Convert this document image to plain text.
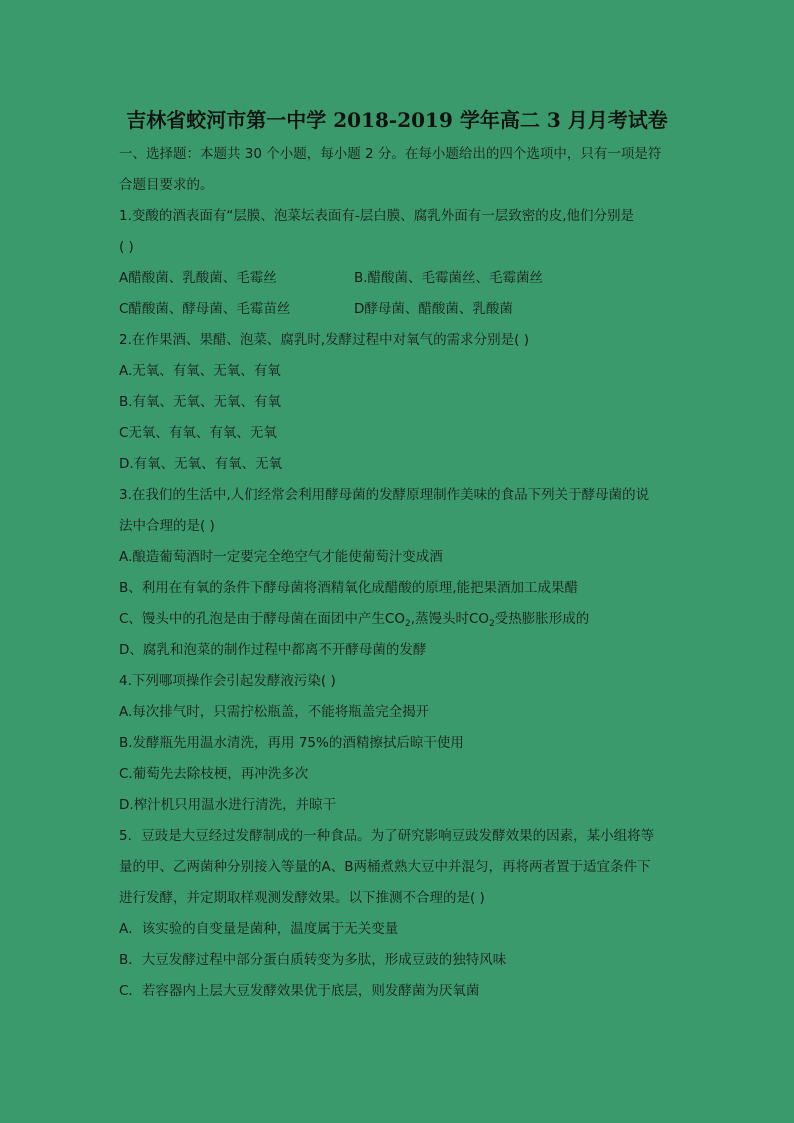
吉林省蛟河市第一中学 2018-2019 学年高二 3 月月考试卷
一、选择题：本题共 30 个小题，每小题 2 分。在每小题给出的四个选项中，只有一项是符
合题目要求的。
1.变酸的酒表面有“层膜、泡菜坛表面有-层白膜、腐乳外面有一层致密的皮,他们分别是
( )
A醋酸菌、乳酸菌、毛霉丝	B.醋酸菌、毛霉菌丝、毛霉菌丝
C醋酸菌、酵母菌、毛霉苗丝	D酵母菌、醋酸菌、乳酸菌
2.在作果酒、果醋、泡菜、腐乳时,发酵过程中对氧气的需求分别是( )
A.无氧、有氧、无氧、有氧
B.有氧、无氧、无氧、有氧
C无氧、有氧、有氧、无氧
D.有氧、无氧、有氧、无氧
3.在我们的生活中,人们经常会利用酵母菌的发酵原理制作美味的食品下列关于酵母菌的说
法中合理的是( )
A.酿造葡萄酒时一定要完全绝空气才能使葡萄汁变成酒
B、利用在有氧的条件下酵母菌将酒精氧化成醋酸的原理,能把果酒加工成果醋
C、馒头中的孔泡是由于酵母菌在面团中产生$CO_2$,蒸馒头时$CO_2$受热膨胀形成的
D、腐乳和泡菜的制作过程中都离不开酵母菌的发酵
4.下列哪项操作会引起发酵液污染( )
A.每次排气时，只需拧松瓶盖，不能将瓶盖完全揭开
B.发酵瓶先用温水清洗，再用 75%的酒精擦拭后晾干使用
C.葡萄先去除枝梗，再冲洗多次
D.榨汁机只用温水进行清洗，并晾干
5．豆豉是大豆经过发酵制成的一种食品。为了研究影响豆豉发酵效果的因素，某小组将等
量的甲、乙两菌种分别接入等量的A、B两桶煮熟大豆中并混匀，再将两者置于适宜条件下
进行发酵，并定期取样观测发酵效果。以下推测不合理的是( )
A．该实验的自变量是菌种，温度属于无关变量
B．大豆发酵过程中部分蛋白质转变为多肽，形成豆豉的独特风味
C．若容器内上层大豆发酵效果优于底层，则发酵菌为厌氧菌
